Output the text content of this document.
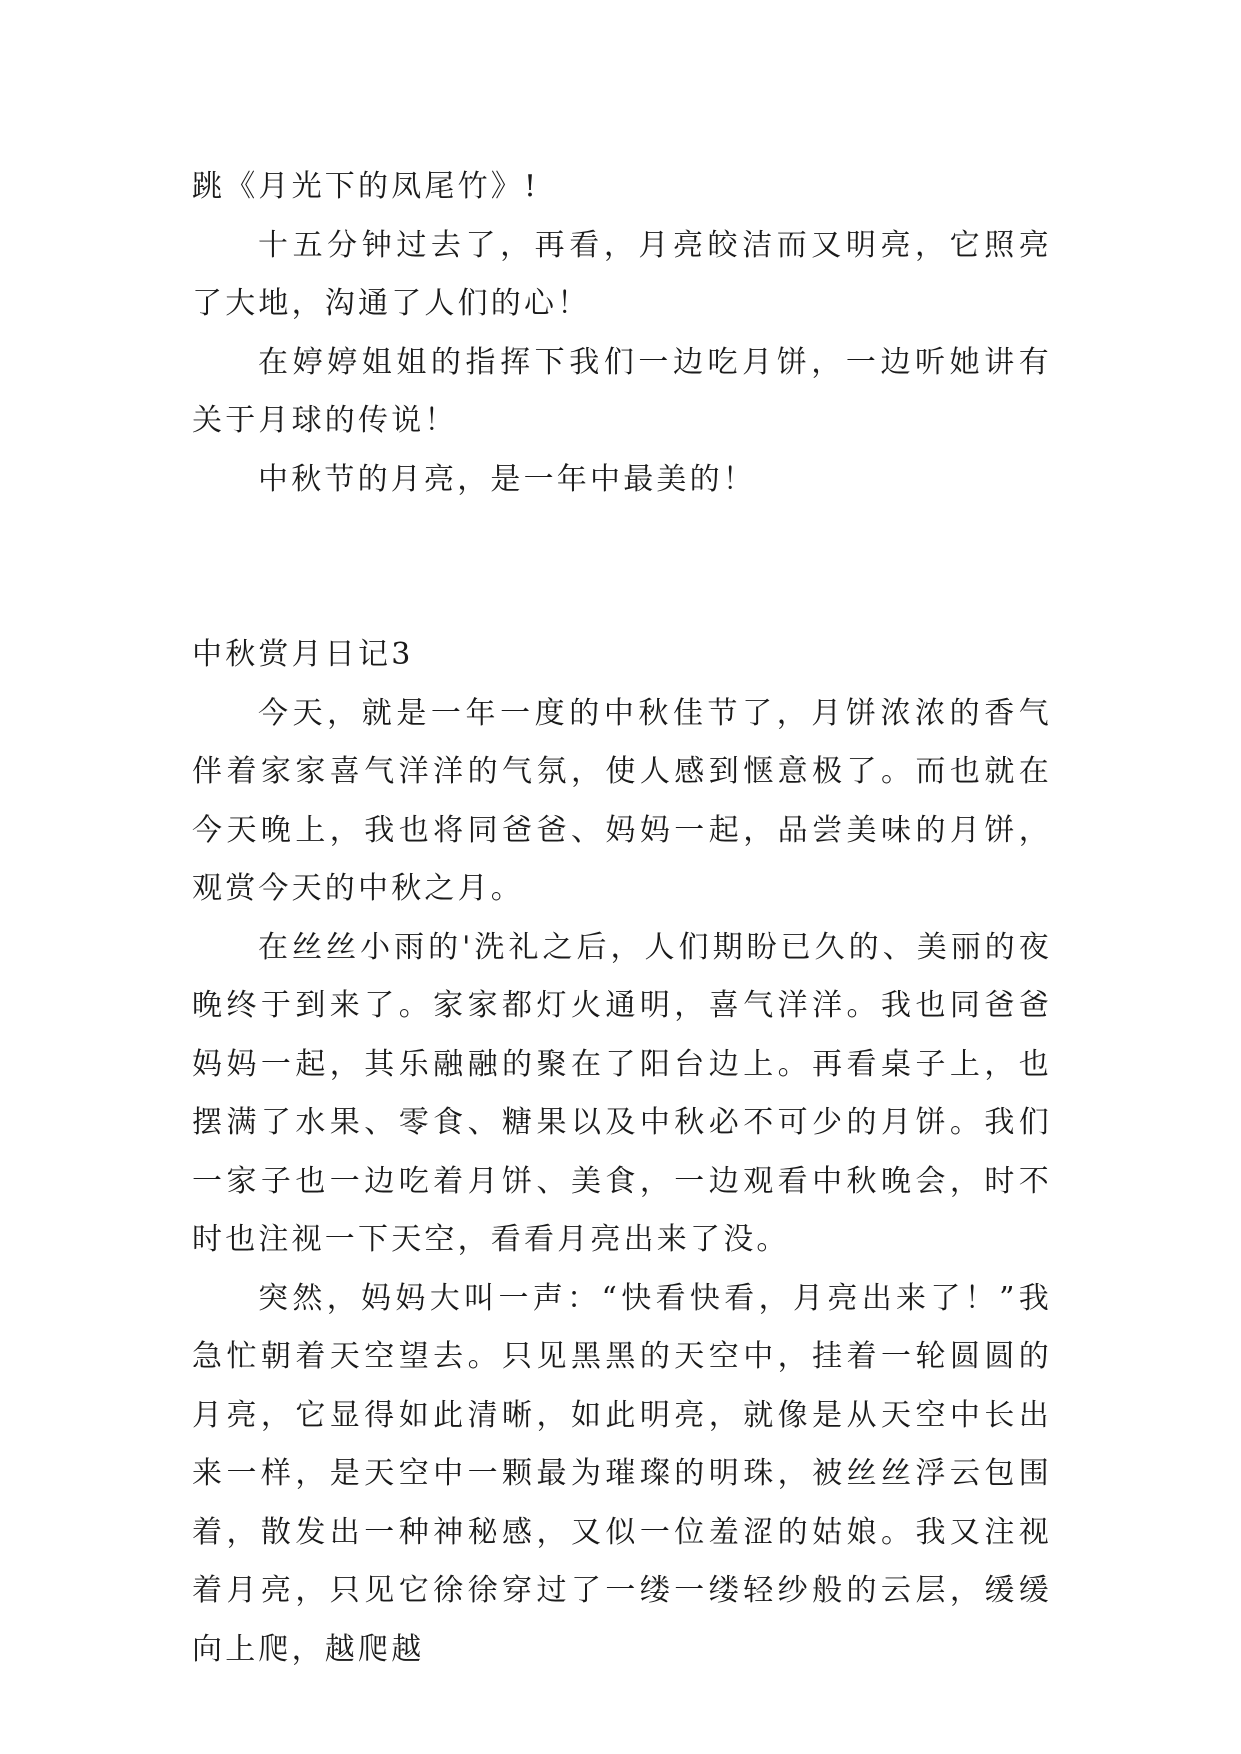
跳《月光下的凤尾竹》!

十五分钟过去了，再看，月亮皎洁而又明亮，它照亮了大地，沟通了人们的心！

在婷婷姐姐的指挥下我们一边吃月饼，一边听她讲有关于月球的传说！

中秋节的月亮，是一年中最美的！

中秋赏月日记3

今天，就是一年一度的中秋佳节了，月饼浓浓的香气伴着家家喜气洋洋的气氛，使人感到惬意极了。而也就在今天晚上，我也将同爸爸、妈妈一起，品尝美味的月饼，观赏今天的中秋之月。

在丝丝小雨的'洗礼之后，人们期盼已久的、美丽的夜晚终于到来了。家家都灯火通明，喜气洋洋。我也同爸爸妈妈一起，其乐融融的聚在了阳台边上。再看桌子上，也摆满了水果、零食、糖果以及中秋必不可少的月饼。我们一家子也一边吃着月饼、美食，一边观看中秋晚会，时不时也注视一下天空，看看月亮出来了没。

突然，妈妈大叫一声：“快看快看，月亮出来了！”我急忙朝着天空望去。只见黑黑的天空中，挂着一轮圆圆的月亮，它显得如此清晰，如此明亮，就像是从天空中长出来一样，是天空中一颗最为璀璨的明珠，被丝丝浮云包围着，散发出一种神秘感，又似一位羞涩的姑娘。我又注视着月亮，只见它徐徐穿过了一缕一缕轻纱般的云层，缓缓向上爬，越爬越
